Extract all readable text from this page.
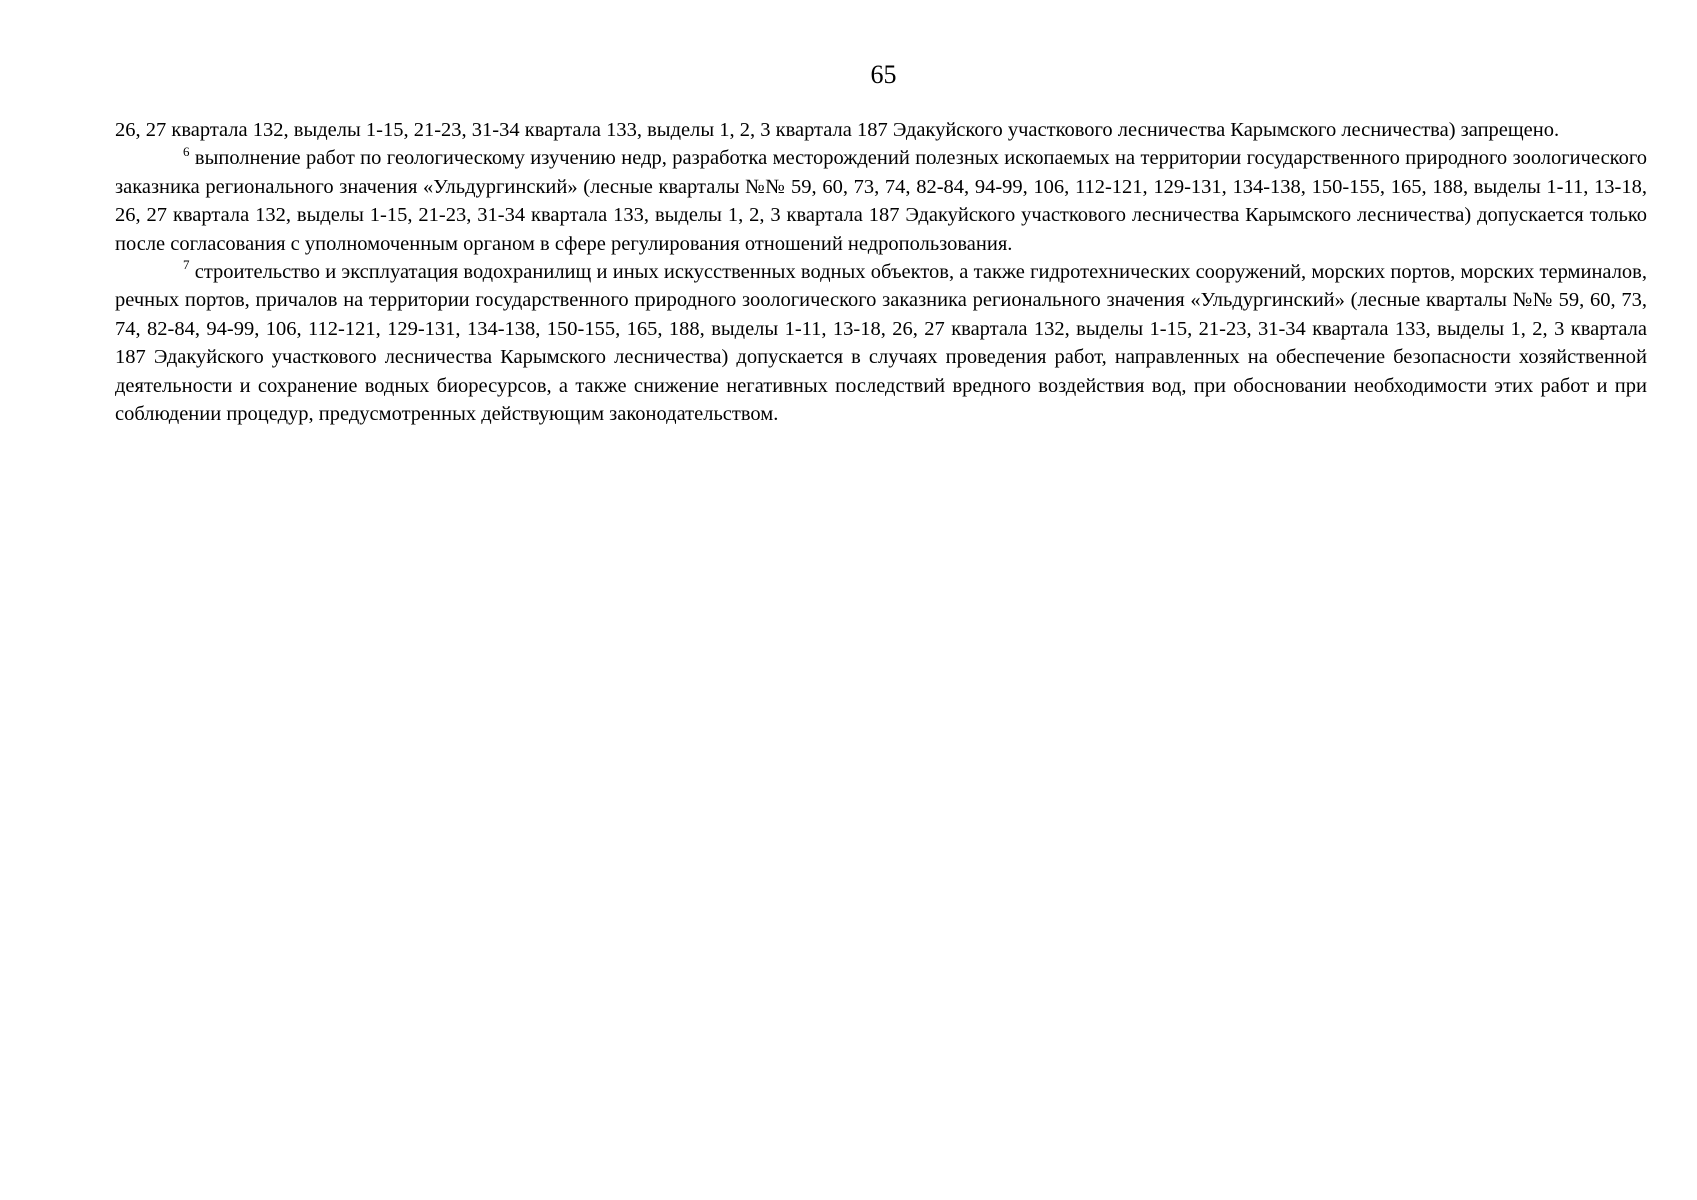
65

26, 27 квартала 132, выделы 1-15, 21-23, 31-34 квартала 133, выделы 1, 2, 3 квартала 187 Эдакуйского участкового лесничества Карымского лесничества) запрещено.

$^6$ выполнение работ по геологическому изучению недр, разработка месторождений полезных ископаемых на территории государственного природного зоологического заказника регионального значения «Ульдургинский» (лесные кварталы №№ 59, 60, 73, 74, 82-84, 94-99, 106, 112-121, 129-131, 134-138, 150-155, 165, 188, выделы 1-11, 13-18, 26, 27 квартала 132, выделы 1-15, 21-23, 31-34 квартала 133, выделы 1, 2, 3 квартала 187 Эдакуйского участкового лесничества Карымского лесничества) допускается только после согласования с уполномоченным органом в сфере регулирования отношений недропользования.

$^7$ строительство и эксплуатация водохранилищ и иных искусственных водных объектов, а также гидротехнических сооружений, морских портов, морских терминалов, речных портов, причалов на территории государственного природного зоологического заказника регионального значения «Ульдургинский» (лесные кварталы №№ 59, 60, 73, 74, 82-84, 94-99, 106, 112-121, 129-131, 134-138, 150-155, 165, 188, выделы 1-11, 13-18, 26, 27 квартала 132, выделы 1-15, 21-23, 31-34 квартала 133, выделы 1, 2, 3 квартала 187 Эдакуйского участкового лесничества Карымского лесничества) допускается в случаях проведения работ, направленных на обеспечение безопасности хозяйственной деятельности и сохранение водных биоресурсов, а также снижение негативных последствий вредного воздействия вод, при обосновании необходимости этих работ и при соблюдении процедур, предусмотренных действующим законодательством.
